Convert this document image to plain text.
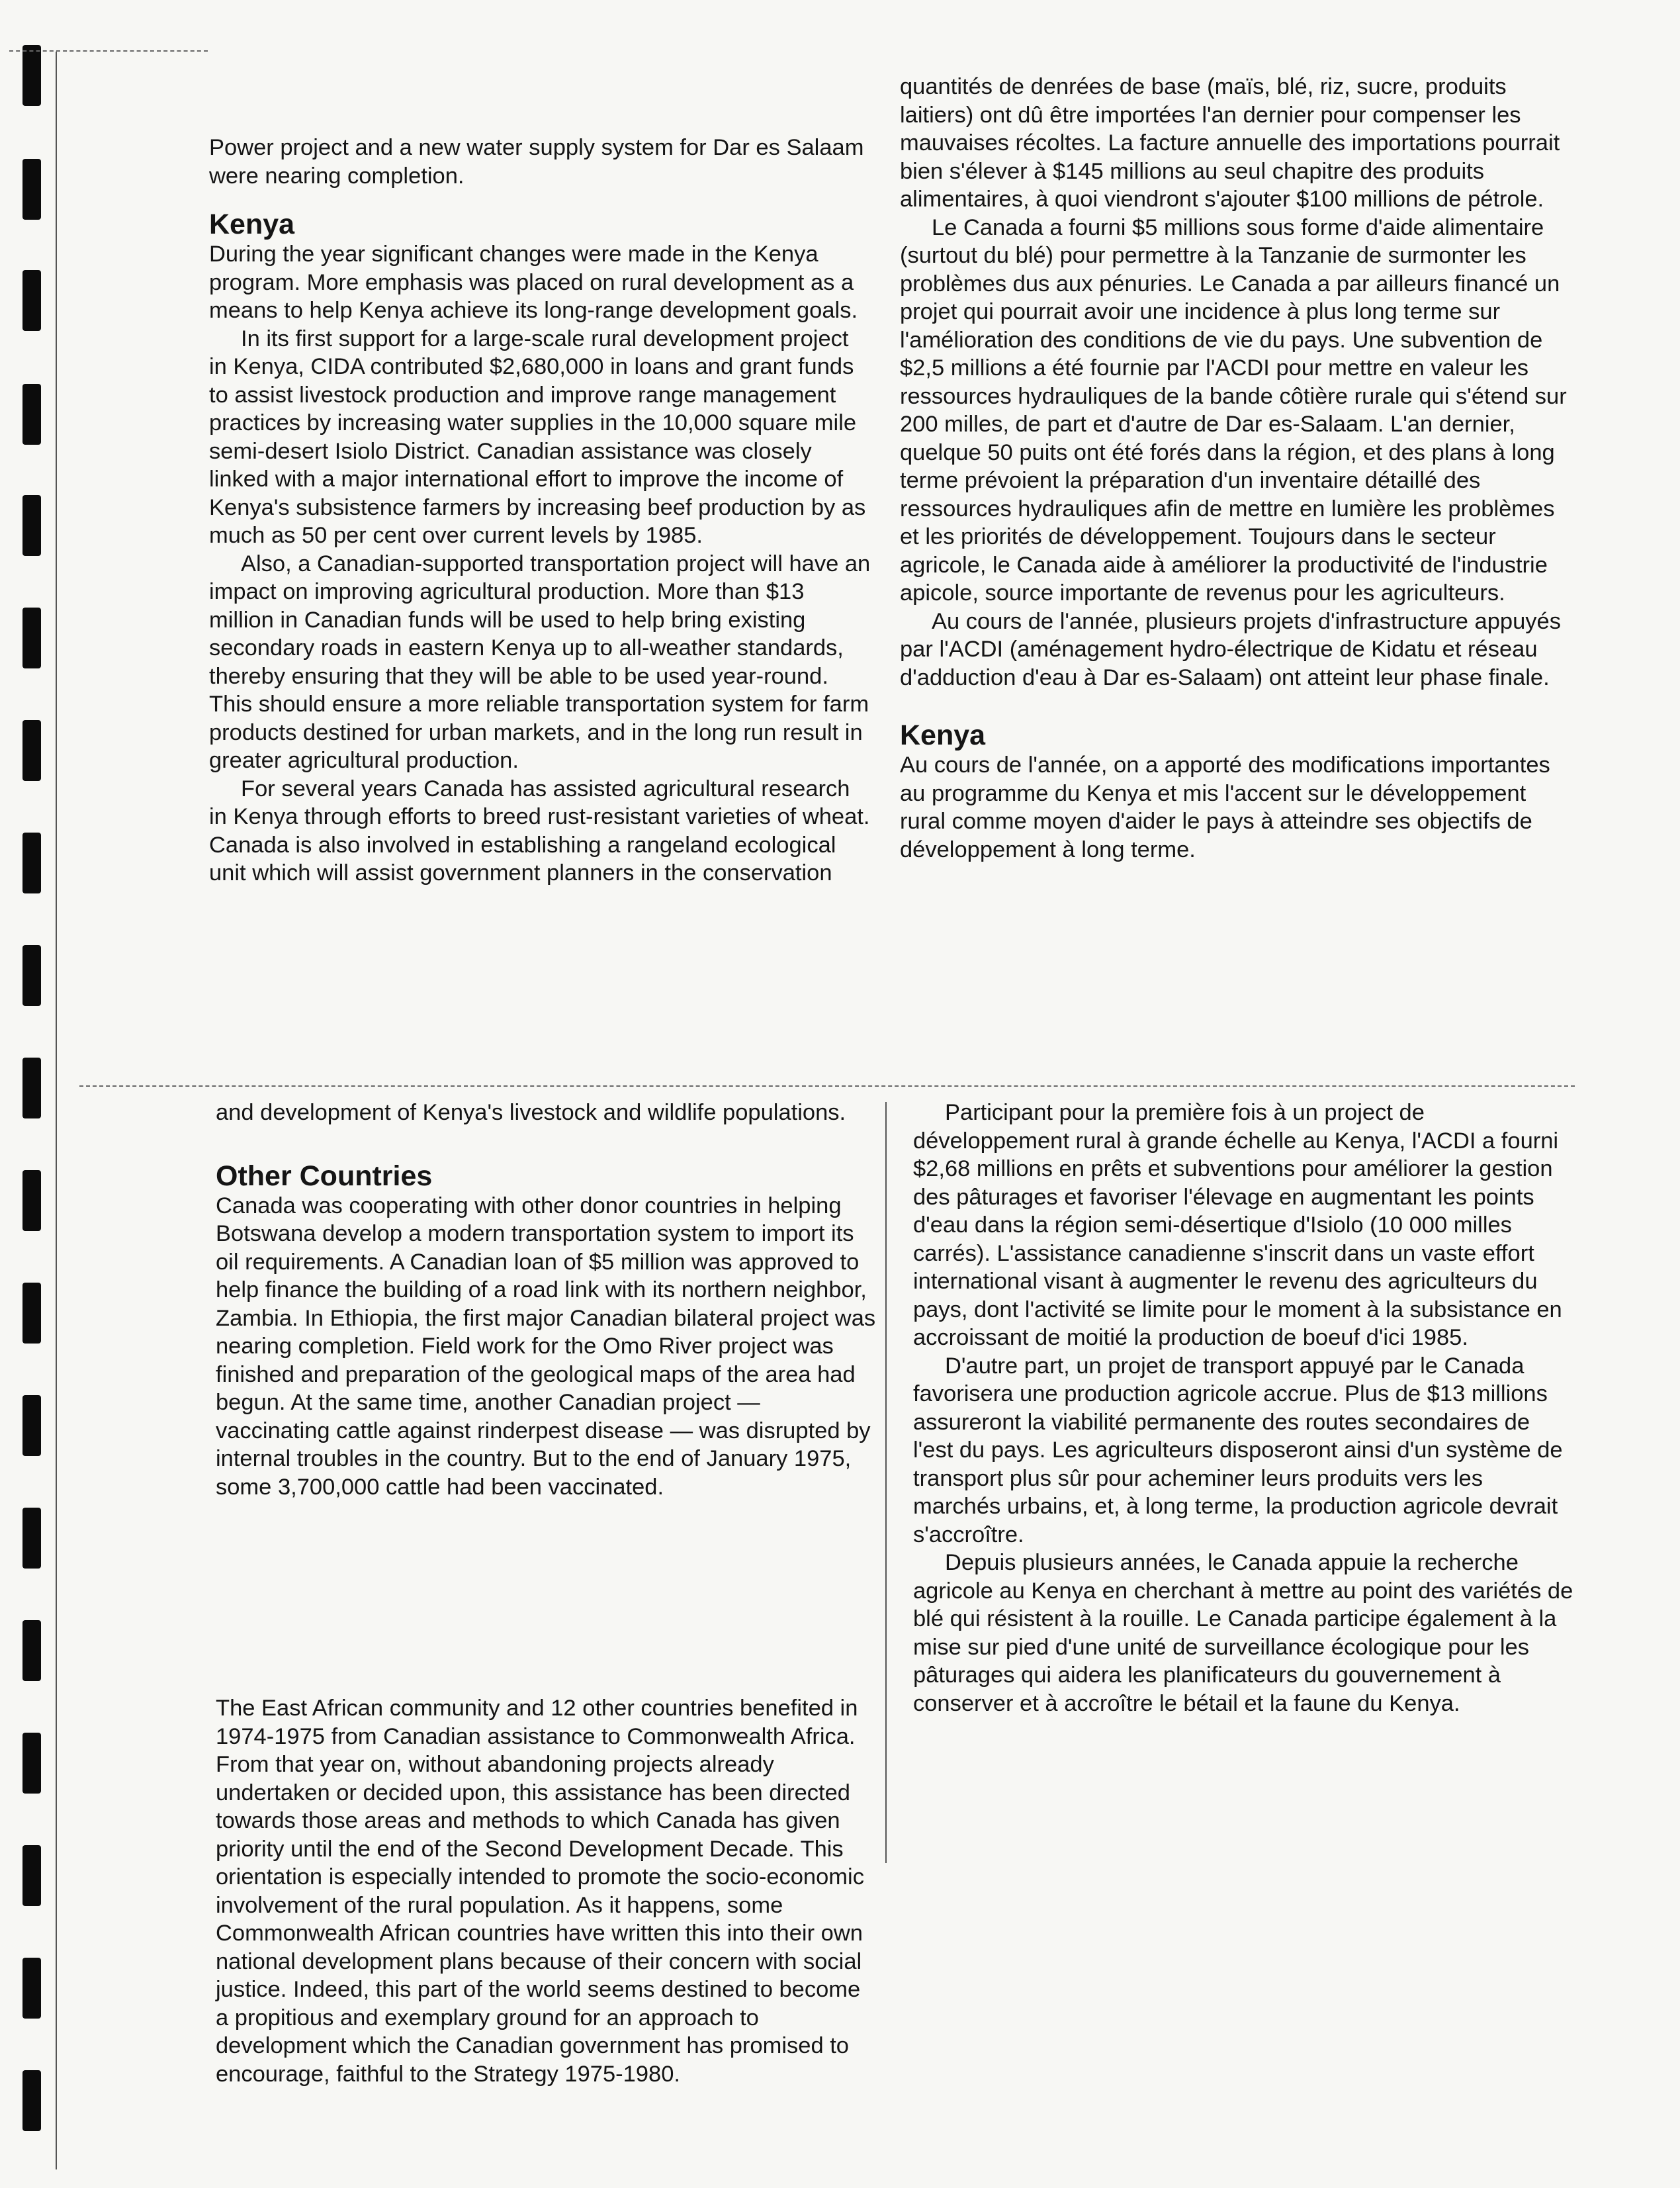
Power project and a new water supply system for Dar es Salaam were nearing completion.

Kenya

During the year significant changes were made in the Kenya program. More emphasis was placed on rural development as a means to help Kenya achieve its long-range development goals.

In its first support for a large-scale rural development project in Kenya, CIDA contributed $2,680,000 in loans and grant funds to assist livestock production and improve range management practices by increasing water supplies in the 10,000 square mile semi-desert Isiolo District. Canadian assistance was closely linked with a major international effort to improve the income of Kenya's subsistence farmers by increasing beef production by as much as 50 per cent over current levels by 1985.

Also, a Canadian-supported transportation project will have an impact on improving agricultural production. More than $13 million in Canadian funds will be used to help bring existing secondary roads in eastern Kenya up to all-weather standards, thereby ensuring that they will be able to be used year-round. This should ensure a more reliable transportation system for farm products destined for urban markets, and in the long run result in greater agricultural production.

For several years Canada has assisted agricultural research in Kenya through efforts to breed rust-resistant varieties of wheat. Canada is also involved in establishing a rangeland ecological unit which will assist government planners in the conservation

and development of Kenya's livestock and wildlife populations.

Other Countries

Canada was cooperating with other donor countries in helping Botswana develop a modern transportation system to import its oil requirements. A Canadian loan of $5 million was approved to help finance the building of a road link with its northern neighbor, Zambia. In Ethiopia, the first major Canadian bilateral project was nearing completion. Field work for the Omo River project was finished and preparation of the geological maps of the area had begun. At the same time, another Canadian project — vaccinating cattle against rinderpest disease — was disrupted by internal troubles in the country. But to the end of January 1975, some 3,700,000 cattle had been vaccinated.

The East African community and 12 other countries benefited in 1974-1975 from Canadian assistance to Commonwealth Africa. From that year on, without abandoning projects already undertaken or decided upon, this assistance has been directed towards those areas and methods to which Canada has given priority until the end of the Second Development Decade. This orientation is especially intended to promote the socio-economic involvement of the rural population. As it happens, some Commonwealth African countries have written this into their own national development plans because of their concern with social justice. Indeed, this part of the world seems destined to become a propitious and exemplary ground for an approach to development which the Canadian government has promised to encourage, faithful to the Strategy 1975-1980.

quantités de denrées de base (maïs, blé, riz, sucre, produits laitiers) ont dû être importées l'an dernier pour compenser les mauvaises récoltes. La facture annuelle des importations pourrait bien s'élever à $145 millions au seul chapitre des produits alimentaires, à quoi viendront s'ajouter $100 millions de pétrole.

Le Canada a fourni $5 millions sous forme d'aide alimentaire (surtout du blé) pour permettre à la Tanzanie de surmonter les problèmes dus aux pénuries. Le Canada a par ailleurs financé un projet qui pourrait avoir une incidence à plus long terme sur l'amélioration des conditions de vie du pays. Une subvention de $2,5 millions a été fournie par l'ACDI pour mettre en valeur les ressources hydrauliques de la bande côtière rurale qui s'étend sur 200 milles, de part et d'autre de Dar es-Salaam. L'an dernier, quelque 50 puits ont été forés dans la région, et des plans à long terme prévoient la préparation d'un inventaire détaillé des ressources hydrauliques afin de mettre en lumière les problèmes et les priorités de développement. Toujours dans le secteur agricole, le Canada aide à améliorer la productivité de l'industrie apicole, source importante de revenus pour les agriculteurs.

Au cours de l'année, plusieurs projets d'infrastructure appuyés par l'ACDI (aménagement hydro-électrique de Kidatu et réseau d'adduction d'eau à Dar es-Salaam) ont atteint leur phase finale.

Kenya

Au cours de l'année, on a apporté des modifications importantes au programme du Kenya et mis l'accent sur le développement rural comme moyen d'aider le pays à atteindre ses objectifs de développement à long terme.

Participant pour la première fois à un project de développement rural à grande échelle au Kenya, l'ACDI a fourni $2,68 millions en prêts et subventions pour améliorer la gestion des pâturages et favoriser l'élevage en augmentant les points d'eau dans la région semi-désertique d'Isiolo (10 000 milles carrés). L'assistance canadienne s'inscrit dans un vaste effort international visant à augmenter le revenu des agriculteurs du pays, dont l'activité se limite pour le moment à la subsistance en accroissant de moitié la production de boeuf d'ici 1985.

D'autre part, un projet de transport appuyé par le Canada favorisera une production agricole accrue. Plus de $13 millions assureront la viabilité permanente des routes secondaires de l'est du pays. Les agriculteurs disposeront ainsi d'un système de transport plus sûr pour acheminer leurs produits vers les marchés urbains, et, à long terme, la production agricole devrait s'accroître.

Depuis plusieurs années, le Canada appuie la recherche agricole au Kenya en cherchant à mettre au point des variétés de blé qui résistent à la rouille. Le Canada participe également à la mise sur pied d'une unité de surveillance écologique pour les pâturages qui aidera les planificateurs du gouvernement à conserver et à accroître le bétail et la faune du Kenya.
